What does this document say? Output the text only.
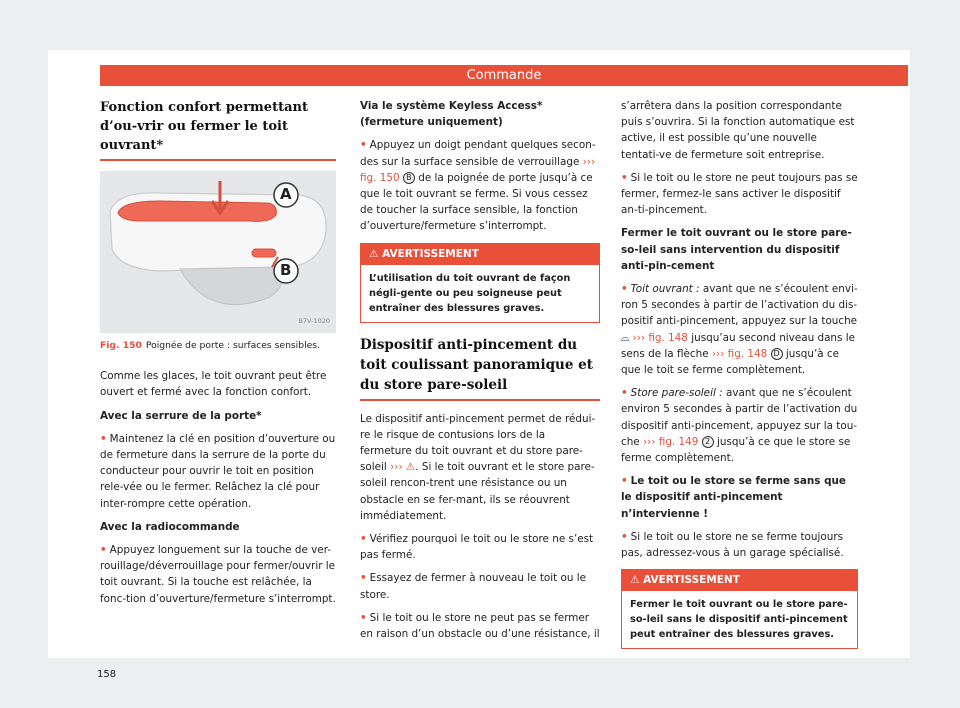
Commande
Fonction confort permettant d’ou-vrir ou fermer le toit ouvrant*
A
B
B7V-1020
Fig. 150 Poignée de porte : surfaces sensibles.

Comme les glaces, le toit ouvrant peut être ouvert et fermé avec la fonction confort.

Avec la serrure de la porte*

• Maintenez la clé en position d’ouverture ou de fermeture dans la serrure de la porte du conducteur pour ouvrir le toit en position rele-vée ou le fermer. Relâchez la clé pour inter-rompre cette opération.

Avec la radiocommande

• Appuyez longuement sur la touche de ver-rouillage/déverrouillage pour fermer/ouvrir le toit ouvrant. Si la touche est relâchée, la fonc-tion d’ouverture/fermeture s’interrompt.

Via le système Keyless Access* (fermeture uniquement)

• Appuyez un doigt pendant quelques secon-des sur la surface sensible de verrouillage ››› fig. 150 B de la poignée de porte jusqu’à ce que le toit ouvrant se ferme. Si vous cessez de toucher la surface sensible, la fonction d’ouverture/fermeture s’interrompt.

⚠ AVERTISSEMENT
L’utilisation du toit ouvrant de façon négli-gente ou peu soigneuse peut entraîner des blessures graves.
Dispositif anti-pincement du toit coulissant panoramique et du store pare-soleil

Le dispositif anti-pincement permet de rédui-re le risque de contusions lors de la fermeture du toit ouvrant et du store pare-soleil ››› ⚠. Si le toit ouvrant et le store pare-soleil rencon-trent une résistance ou un obstacle en se fer-mant, ils se réouvrent immédiatement.

• Vérifiez pourquoi le toit ou le store ne s’est pas fermé.

• Essayez de fermer à nouveau le toit ou le store.

• Si le toit ou le store ne peut pas se fermer en raison d’un obstacle ou d’une résistance, il

s’arrêtera dans la position correspondante puis s’ouvrira. Si la fonction automatique est active, il est possible qu’une nouvelle tentati-ve de fermeture soit entreprise.

• Si le toit ou le store ne peut toujours pas se fermer, fermez-le sans activer le dispositif an-ti-pincement.

Fermer le toit ouvrant ou le store pare-so-leil sans intervention du dispositif anti-pin-cement

• Toit ouvrant : avant que ne s’écoulent envi-ron 5 secondes à partir de l’activation du dis-positif anti-pincement, appuyez sur la touche ⌓ ››› fig. 148 jusqu’au second niveau dans le sens de la flèche ››› fig. 148 D jusqu’à ce que le toit se ferme complètement.

• Store pare-soleil : avant que ne s’écoulent environ 5 secondes à partir de l’activation du dispositif anti-pincement, appuyez sur la tou-che ››› fig. 149 2 jusqu’à ce que le store se ferme complètement.

• Le toit ou le store se ferme sans que le dispositif anti-pincement n’intervienne !

• Si le toit ou le store ne se ferme toujours pas, adressez-vous à un garage spécialisé.

⚠ AVERTISSEMENT
Fermer le toit ouvrant ou le store pare-so-leil sans le dispositif anti-pincement peut entraîner des blessures graves.
158
